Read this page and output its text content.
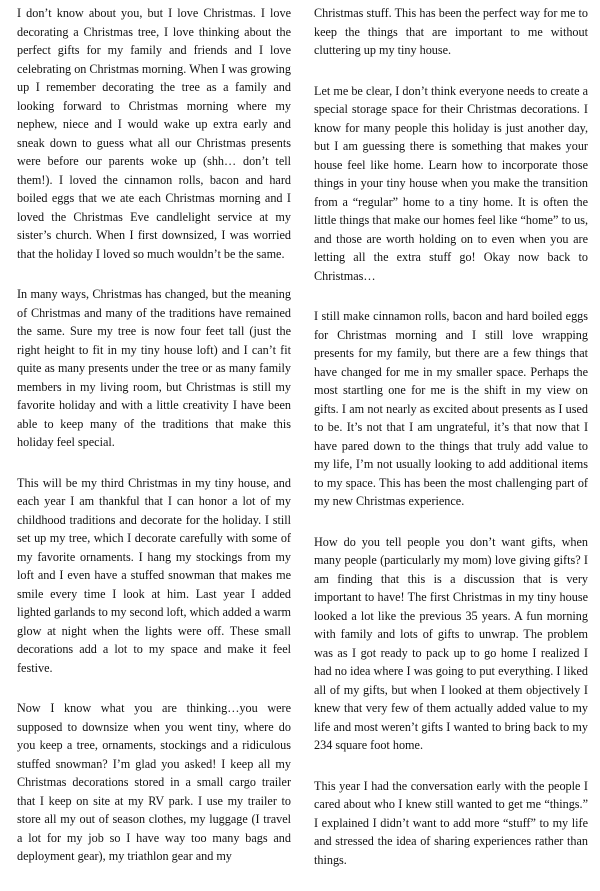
I don’t know about you, but I love Christmas. I love decorating a Christmas tree, I love thinking about the perfect gifts for my family and friends and I love celebrating on Christmas morning. When I was growing up I remember decorating the tree as a family and looking forward to Christmas morning where my nephew, niece and I would wake up extra early and sneak down to guess what all our Christmas presents were before our parents woke up (shh… don’t tell them!). I loved the cinnamon rolls, bacon and hard boiled eggs that we ate each Christmas morning and I loved the Christmas Eve candlelight service at my sister’s church. When I first downsized, I was worried that the holiday I loved so much wouldn’t be the same.

In many ways, Christmas has changed, but the meaning of Christmas and many of the traditions have remained the same. Sure my tree is now four feet tall (just the right height to fit in my tiny house loft) and I can’t fit quite as many presents under the tree or as many family members in my living room, but Christmas is still my favorite holiday and with a little creativity I have been able to keep many of the traditions that make this holiday feel special.

This will be my third Christmas in my tiny house, and each year I am thankful that I can honor a lot of my childhood traditions and decorate for the holiday. I still set up my tree, which I decorate carefully with some of my favorite ornaments. I hang my stockings from my loft and I even have a stuffed snowman that makes me smile every time I look at him. Last year I added lighted garlands to my second loft, which added a warm glow at night when the lights were off. These small decorations add a lot to my space and make it feel festive.

Now I know what you are thinking…you were supposed to downsize when you went tiny, where do you keep a tree, ornaments, stockings and a ridiculous stuffed snowman? I’m glad you asked! I keep all my Christmas decorations stored in a small cargo trailer that I keep on site at my RV park. I use my trailer to store all my out of season clothes, my luggage (I travel a lot for my job so I have way too many bags and deployment gear), my triathlon gear and my

Christmas stuff. This has been the perfect way for me to keep the things that are important to me without cluttering up my tiny house.

Let me be clear, I don’t think everyone needs to create a special storage space for their Christmas decorations. I know for many people this holiday is just another day, but I am guessing there is something that makes your house feel like home. Learn how to incorporate those things in your tiny house when you make the transition from a “regular” home to a tiny home. It is often the little things that make our homes feel like “home” to us, and those are worth holding on to even when you are letting all the extra stuff go! Okay now back to Christmas…

I still make cinnamon rolls, bacon and hard boiled eggs for Christmas morning and I still love wrapping presents for my family, but there are a few things that have changed for me in my smaller space. Perhaps the most startling one for me is the shift in my view on gifts. I am not nearly as excited about presents as I used to be. It’s not that I am ungrateful, it’s that now that I have pared down to the things that truly add value to my life, I’m not usually looking to add additional items to my space. This has been the most challenging part of my new Christmas experience.

How do you tell people you don’t want gifts, when many people (particularly my mom) love giving gifts? I am finding that this is a discussion that is very important to have! The first Christmas in my tiny house looked a lot like the previous 35 years. A fun morning with family and lots of gifts to unwrap. The problem was as I got ready to pack up to go home I realized I had no idea where I was going to put everything. I liked all of my gifts, but when I looked at them objectively I knew that very few of them actually added value to my life and most weren’t gifts I wanted to bring back to my 234 square foot home.

This year I had the conversation early with the people I cared about who I knew still wanted to get me “things.” I explained I didn’t want to add more “stuff” to my life and stressed the idea of sharing experiences rather than things.
